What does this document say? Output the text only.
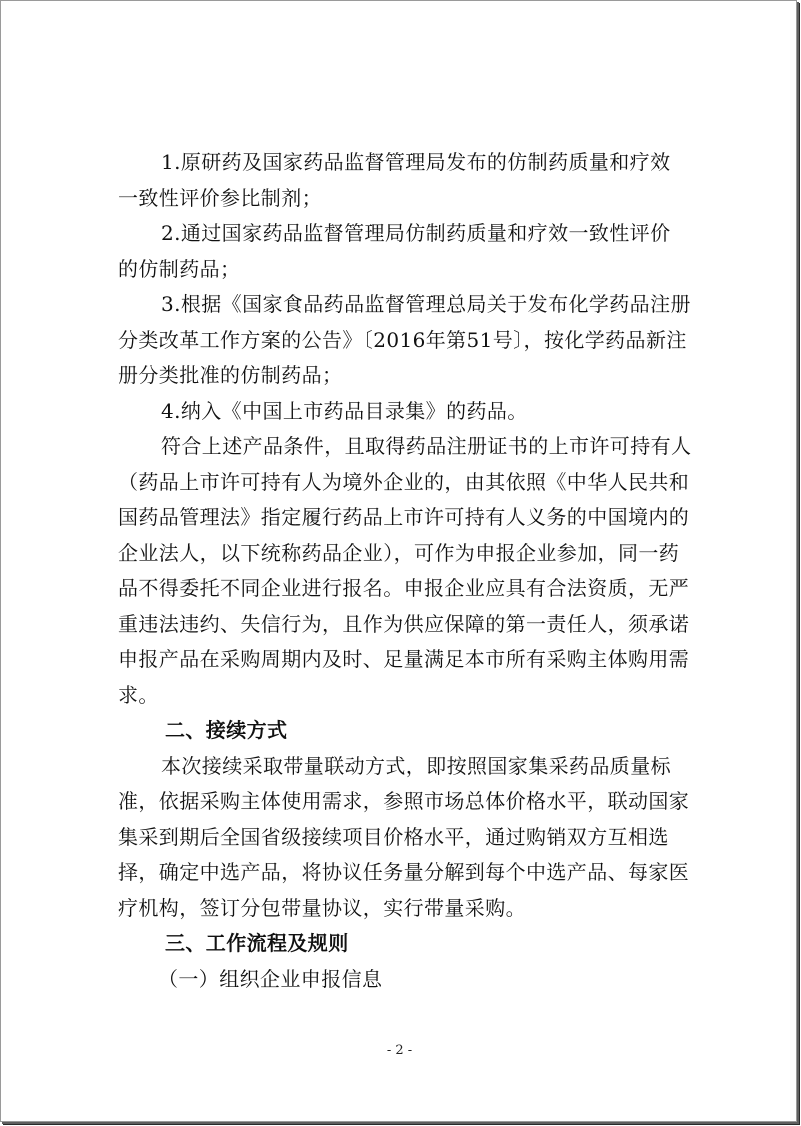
1.原研药及国家药品监督管理局发布的仿制药质量和疗效
一致性评价参比制剂；
2.通过国家药品监督管理局仿制药质量和疗效一致性评价
的仿制药品；
3.根据《国家食品药品监督管理总局关于发布化学药品注册
分类改革工作方案的公告》〔2016年第51号〕，按化学药品新注
册分类批准的仿制药品；
4.纳入《中国上市药品目录集》的药品。
符合上述产品条件，且取得药品注册证书的上市许可持有人
（药品上市许可持有人为境外企业的，由其依照《中华人民共和
国药品管理法》指定履行药品上市许可持有人义务的中国境内的
企业法人，以下统称药品企业），可作为申报企业参加，同一药
品不得委托不同企业进行报名。申报企业应具有合法资质，无严
重违法违约、失信行为，且作为供应保障的第一责任人，须承诺
申报产品在采购周期内及时、足量满足本市所有采购主体购用需
求。
二、接续方式
本次接续采取带量联动方式，即按照国家集采药品质量标
准，依据采购主体使用需求，参照市场总体价格水平，联动国家
集采到期后全国省级接续项目价格水平，通过购销双方互相选
择，确定中选产品，将协议任务量分解到每个中选产品、每家医
疗机构，签订分包带量协议，实行带量采购。
三、工作流程及规则
（一）组织企业申报信息
- 2 -
